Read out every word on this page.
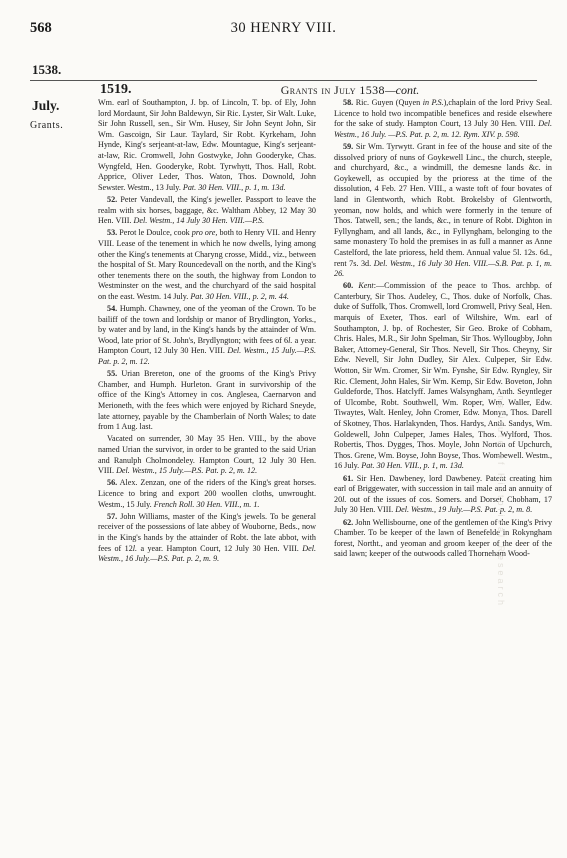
568	30 HENRY VIII.
1538.
July.
Grants.
1519.	Grants in July 1538—cont.

Wm. earl of Southampton, J. bp. of Lincoln, T. bp. of Ely, John lord Mordaunt, Sir John Baldewyn, Sir Ric. Lyster, Sir Walt. Luke, Sir John Russell, sen., Sir Wm. Husey, Sir John Seynt John, Sir Wm. Gascoign, Sir Laur. Taylard, Sir Robt. Kyrkeham, John Hynde, King's serjeant-at-law, Edw. Mountague, King's serjeant-at-law, Ric. Cromwell, John Gostwyke, John Gooderyke, Chas. Wyngfeld, Hen. Gooderyke, Robt. Tyrwhytt, Thos. Hall, Robt. Apprice, Oliver Leder, Thos. Waton, Thos. Downold, John Sewster. Westm., 13 July. Pat. 30 Hen. VIII., p. 1, m. 13d.

52. Peter Vandevall, the King's jeweller. Passport to leave the realm with six horses, baggage, &c. Waltham Abbey, 12 May 30 Hen. VIII. Del. Westm., 14 July 30 Hen. VIII.—P.S.

53. Perot le Doulce, cook pro ore, both to Henry VII. and Henry VIII. Lease of the tenement in which he now dwells, lying among other the King's tenements at Charyng crosse, Midd., viz., between the hospital of St. Mary Rouncedevall on the north, and the King's other tenements there on the south, the highway from London to Westminster on the west, and the churchyard of the said hospital on the east. Westm. 14 July. Pat. 30 Hen. VIII., p. 2, m. 44.

54. Humph. Chawney, one of the yeoman of the Crown. To be bailiff of the town and lordship or manor of Brydlington, Yorks., by water and by land, in the King's hands by the attainder of Wm. Wood, late prior of St. John's, Brydlyngton; with fees of 6l. a year. Hampton Court, 12 July 30 Hen. VIII. Del. Westm., 15 July.—P.S. Pat. p. 2, m. 12.

55. Urian Brereton, one of the grooms of the King's Privy Chamber, and Humph. Hurleton. Grant in survivorship of the office of the King's Attorney in cos. Anglesea, Caernarvon and Merioneth, with the fees which were enjoyed by Richard Sneyde, late attorney, payable by the Chamberlain of North Wales; to date from 1 Aug. last.

Vacated on surrender, 30 May 35 Hen. VIII., by the above named Urian the survivor, in order to be granted to the said Urian and Ranulph Cholmondeley. Hampton Court, 12 July 30 Hen. VIII. Del. Westm., 15 July.—P.S. Pat. p. 2, m. 12.

56. Alex. Zenzan, one of the riders of the King's great horses. Licence to bring and export 200 woollen cloths, unwrought. Westm., 15 July. French Roll. 30 Hen. VIII., m. 1.

57. John Williams, master of the King's jewels. To be general receiver of the possessions of late abbey of Wouborne, Beds., now in the King's hands by the attainder of Robt. the late abbot, with fees of 12l. a year. Hampton Court, 12 July 30 Hen. VIII. Del. Westm., 16 July.—P.S. Pat. p. 2, m. 9.

58. Ric. Guyen (Quyen in P.S.),chaplain of the lord Privy Seal. Licence to hold two incompatible benefices and reside elsewhere for the sake of study. Hampton Court, 13 July 30 Hen. VIII. Del. Westm., 16 July. —P.S. Pat. p. 2, m. 12. Rym. XIV. p. 598.

59. Sir Wm. Tyrwytt. Grant in fee of the house and site of the dissolved priory of nuns of Goykewell Linc., the church, steeple, and churchyard, &c., a windmill, the demesne lands &c. in Goykewell, as occupied by the prioress at the time of the dissolution, 4 Feb. 27 Hen. VIII., a waste toft of four bovates of land in Glentworth, which Robt. Brokelsby of Glentworth, yeoman, now holds, and which were formerly in the tenure of Thos. Tatwell, sen.; the lands, &c., in tenure of Robt. Dighton in Fyllyngham, and all lands, &c., in Fyllyngham, belonging to the same monastery To hold the premises in as full a manner as Anne Castelford, the late prioress, held them. Annual value 5l. 12s. 6d., rent 7s. 3d. Del. Westm., 16 July 30 Hen. VIII.—S.B. Pat. p. 1, m. 26.

60. Kent:—Commission of the peace to Thos. archbp. of Canterbury, Sir Thos. Audeley, C., Thos. duke of Norfolk, Chas. duke of Suffolk, Thos. Cromwell, lord Cromwell, Privy Seal, Hen. marquis of Exeter, Thos. earl of Wiltshire, Wm. earl of Southampton, J. bp. of Rochester, Sir Geo. Broke of Cobham, Chris. Hales, M.R., Sir John Spelman, Sir Thos. Wyllougbby, John Baker, Attorney-General, Sir Thos. Nevell, Sir Thos. Cheyny, Sir Edw. Nevell, Sir John Dudley, Sir Alex. Culpeper, Sir Edw. Wotton, Sir Wm. Cromer, Sir Wm. Fynshe, Sir Edw. Ryngley, Sir Ric. Clement, John Hales, Sir Wm. Kemp, Sir Edw. Boveton, John Guldeforde, Thos. Hatclyff. James Walsyngham, Anth. Seyntleger of Ulcombe, Robt. Southwell, Wm. Roper, Wm. Waller, Edw. Tiwaytes, Walt. Henley, John Cromer, Edw. Monyn, Thos. Darell of Skotney, Thos. Harlakynden, Thos. Hardys, Anth. Sandys, Wm. Goldewell, John Culpeper, James Hales, Thos. Wylford, Thos. Robertis, Thos. Dygges, Thos. Moyle, John Norton of Upchurch, Thos. Grene, Wm. Boyse, John Boyse, Thos. Wombewell. Westm., 16 July. Pat. 30 Hen. VIII., p. 1, m. 13d.

61. Sir Hen. Dawbeney, lord Dawbeney. Patent creating him earl of Briggewater, with succession in tail male and an annuity of 20l. out of the issues of cos. Somers. and Dorset. Chobham, 17 July 30 Hen. VIII. Del. Westm., 19 July.—P.S. Pat. p. 2, m. 8.

62. John Wellisbourne, one of the gentlemen of the King's Privy Chamber. To be keeper of the lawn of Benefelde in Rokyngham forest, Northt., and yeoman and groom keeper of the deer of the said lawn; keeper of the outwoods called Thorneham Wood-

Institute of Historical Research
